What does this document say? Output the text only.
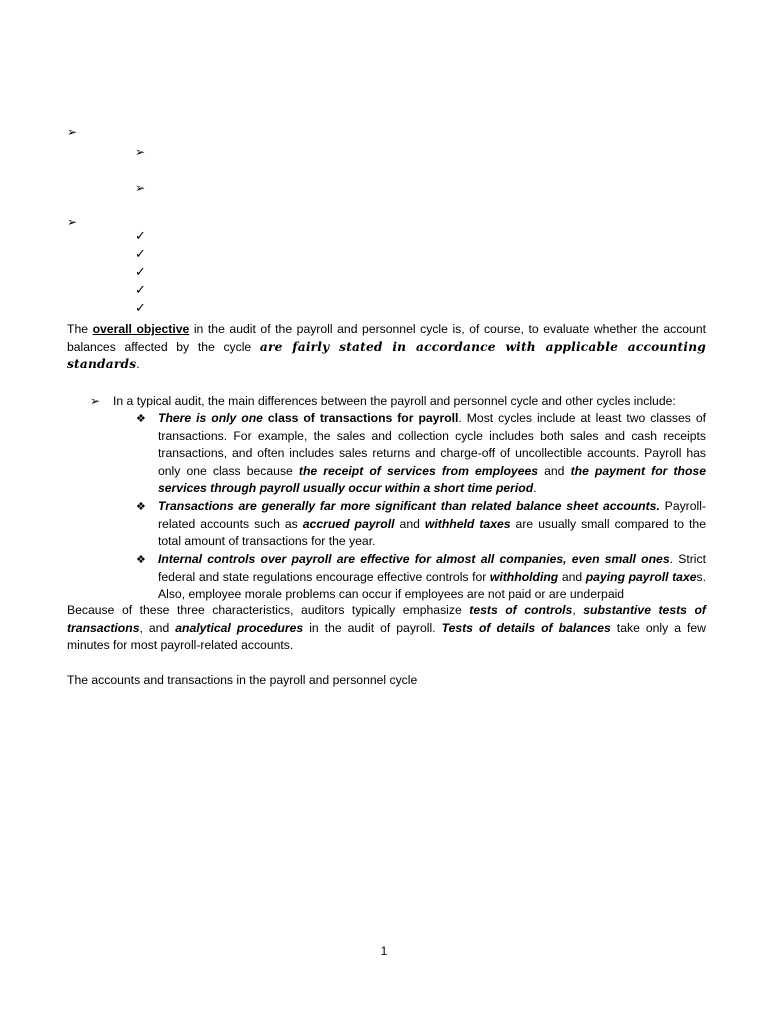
➢
➢
➢
➢
✓
✓
✓
✓
✓
The overall objective in the audit of the payroll and personnel cycle is, of course, to evaluate whether the account balances affected by the cycle are fairly stated in accordance with applicable accounting standards.
➢ In a typical audit, the main differences between the payroll and personnel cycle and other cycles include:
❖ There is only one class of transactions for payroll. Most cycles include at least two classes of transactions. For example, the sales and collection cycle includes both sales and cash receipts transactions, and often includes sales returns and charge-off of uncollectible accounts. Payroll has only one class because the receipt of services from employees and the payment for those services through payroll usually occur within a short time period.
❖ Transactions are generally far more significant than related balance sheet accounts. Payroll-related accounts such as accrued payroll and withheld taxes are usually small compared to the total amount of transactions for the year.
❖ Internal controls over payroll are effective for almost all companies, even small ones. Strict federal and state regulations encourage effective controls for withholding and paying payroll taxes. Also, employee morale problems can occur if employees are not paid or are underpaid
Because of these three characteristics, auditors typically emphasize tests of controls, substantive tests of transactions, and analytical procedures in the audit of payroll. Tests of details of balances take only a few minutes for most payroll-related accounts.
The accounts and transactions in the payroll and personnel cycle
1
